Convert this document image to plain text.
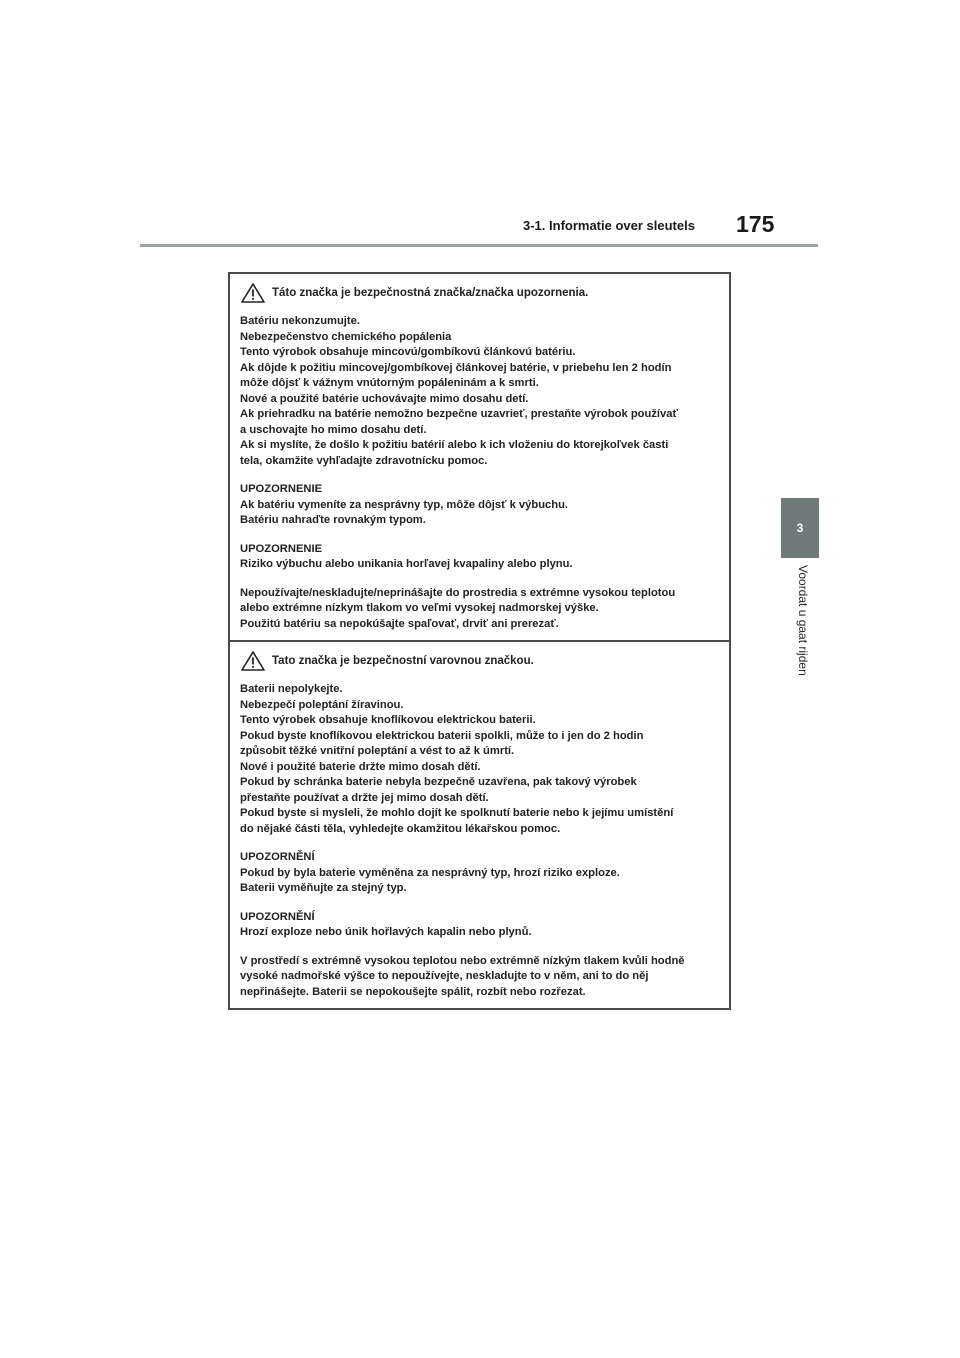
3-1. Informatie over sleutels 175
3
Voordat u gaat rijden
Táto značka je bezpečnostná značka/značka upozornenia.
Batériu nekonzumujte.
Nebezpečenstvo chemického popálenia
Tento výrobok obsahuje mincovú/gombíkovú článkovú batériu.
Ak dôjde k požitiu mincovej/gombíkovej článkovej batérie, v priebehu len 2 hodín
môže dôjsť k vážnym vnútorným popáleninám a k smrti.
Nové a použité batérie uchovávajte mimo dosahu detí.
Ak priehradku na batérie nemožno bezpečne uzavrieť, prestaňte výrobok používať
a uschovajte ho mimo dosahu detí.
Ak si myslíte, že došlo k požitiu batérií alebo k ich vloženiu do ktorejkoľvek časti
tela, okamžite vyhľadajte zdravotnícku pomoc.
UPOZORNENIE
Ak batériu vymeníte za nesprávny typ, môže dôjsť k výbuchu.
Batériu nahraďte rovnakým typom.
UPOZORNENIE
Riziko výbuchu alebo unikania horľavej kvapaliny alebo plynu.
Nepoužívajte/neskladujte/neprinášajte do prostredia s extrémne vysokou teplotou
alebo extrémne nízkym tlakom vo veľmi vysokej nadmorskej výške.
Použitú batériu sa nepokúšajte spaľovať, drviť ani prerezať.
Tato značka je bezpečnostní varovnou značkou.
Baterii nepolykejte.
Nebezpečí poleptání žíravinou.
Tento výrobek obsahuje knoflíkovou elektrickou baterii.
Pokud byste knoflíkovou elektrickou baterii spolkli, může to i jen do 2 hodin
způsobit těžké vnitřní poleptání a vést to až k úmrtí.
Nové i použité baterie držte mimo dosah dětí.
Pokud by schránka baterie nebyla bezpečně uzavřena, pak takový výrobek
přestaňte používat a držte jej mimo dosah dětí.
Pokud byste si mysleli, že mohlo dojít ke spolknutí baterie nebo k jejímu umístění
do nějaké části těla, vyhledejte okamžitou lékařskou pomoc.
UPOZORNĚNÍ
Pokud by byla baterie vyměněna za nesprávný typ, hrozí riziko exploze.
Baterii vyměňujte za stejný typ.
UPOZORNĚNÍ
Hrozí exploze nebo únik hořlavých kapalin nebo plynů.
V prostředí s extrémně vysokou teplotou nebo extrémně nízkým tlakem kvůli hodně
vysoké nadmořské výšce to nepoužívejte, neskladujte to v něm, ani to do něj
nepřinášejte. Baterii se nepokoušejte spálit, rozbít nebo rozřezat.
